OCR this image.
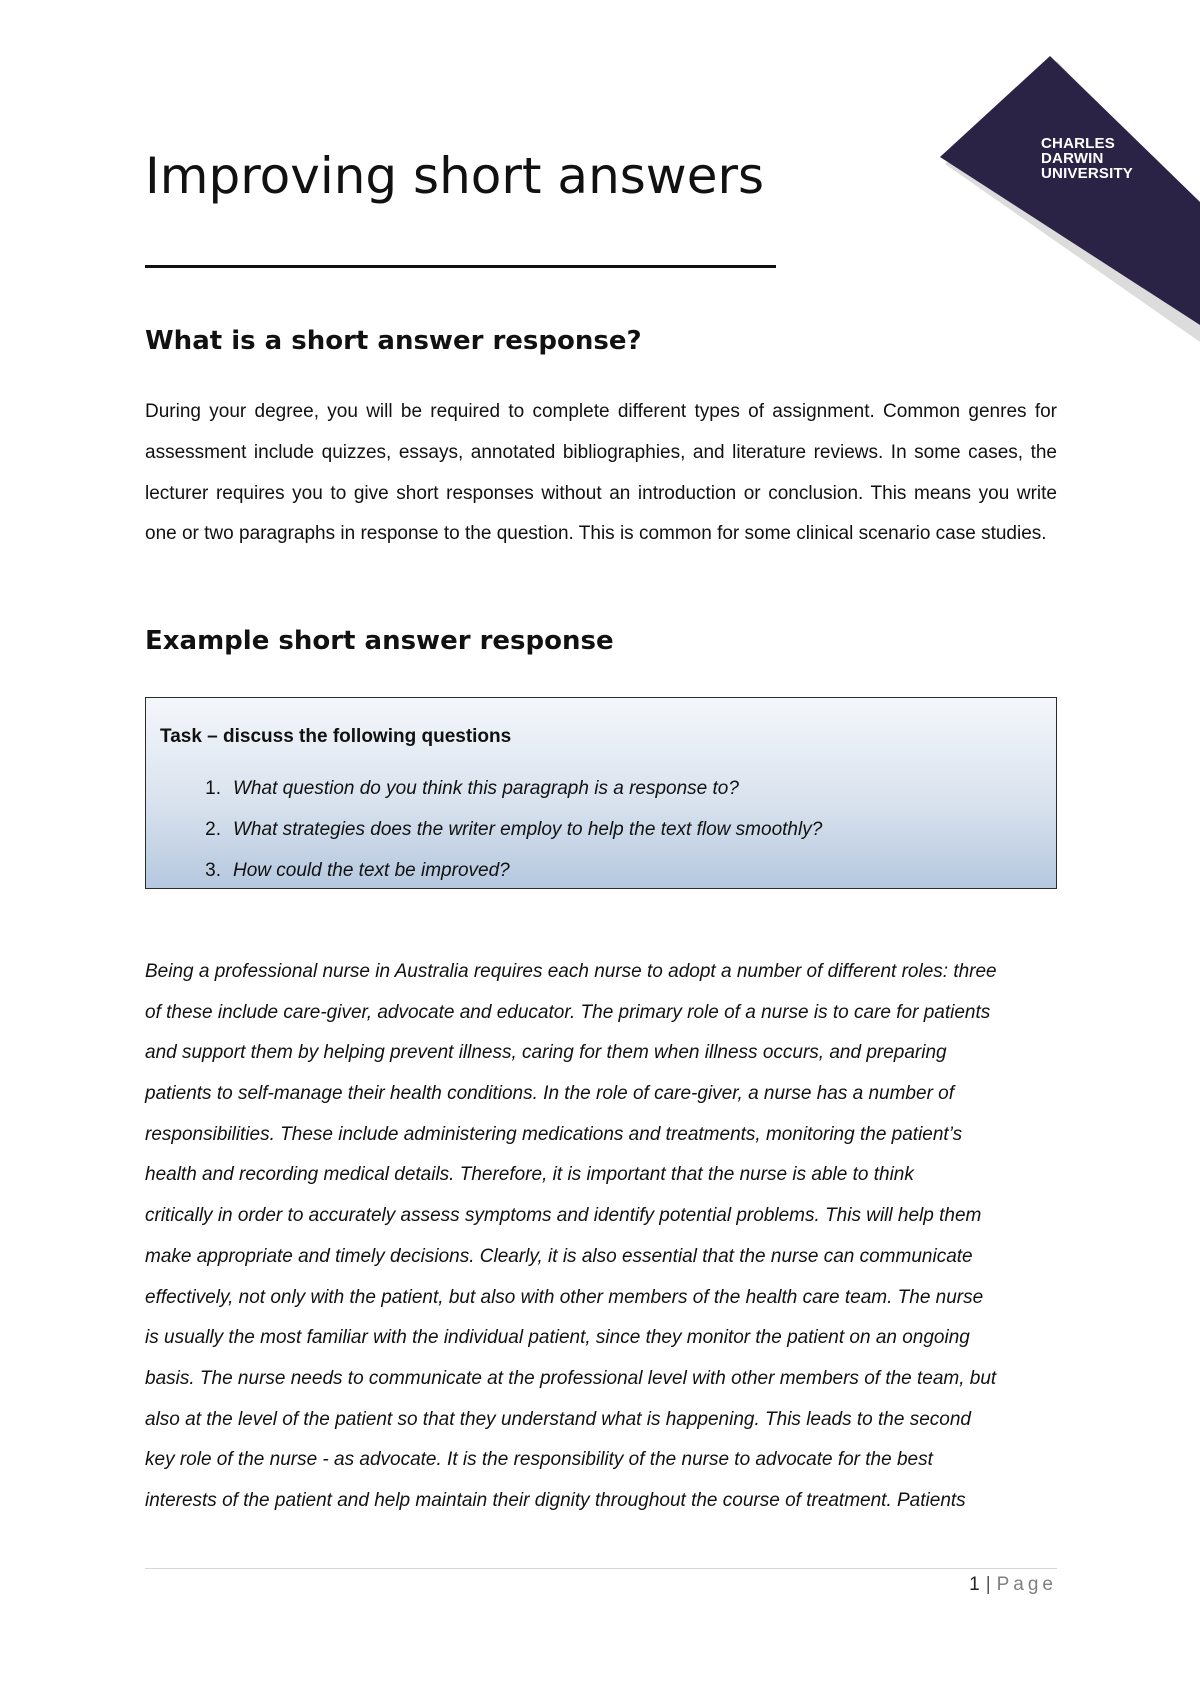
CHARLES
DARWIN
UNIVERSITY
Improving short answers
What is a short answer response?

During your degree, you will be required to complete different types of assignment. Common genres for assessment include quizzes, essays, annotated bibliographies, and literature reviews. In some cases, the lecturer requires you to give short responses without an introduction or conclusion. This means you write one or two paragraphs in response to the question. This is common for some clinical scenario case studies.

Example short answer response
Task – discuss the following questions
1. What question do you think this paragraph is a response to?
2. What strategies does the writer employ to help the text flow smoothly?
3. How could the text be improved?
Being a professional nurse in Australia requires each nurse to adopt a number of different roles: three
of these include care-giver, advocate and educator. The primary role of a nurse is to care for patients
and support them by helping prevent illness, caring for them when illness occurs, and preparing
patients to self-manage their health conditions. In the role of care-giver, a nurse has a number of
responsibilities. These include administering medications and treatments, monitoring the patient’s
health and recording medical details. Therefore, it is important that the nurse is able to think
critically in order to accurately assess symptoms and identify potential problems. This will help them
make appropriate and timely decisions. Clearly, it is also essential that the nurse can communicate
effectively, not only with the patient, but also with other members of the health care team. The nurse
is usually the most familiar with the individual patient, since they monitor the patient on an ongoing
basis. The nurse needs to communicate at the professional level with other members of the team, but
also at the level of the patient so that they understand what is happening. This leads to the second
key role of the nurse - as advocate. It is the responsibility of the nurse to advocate for the best
interests of the patient and help maintain their dignity throughout the course of treatment. Patients
1 | Page
